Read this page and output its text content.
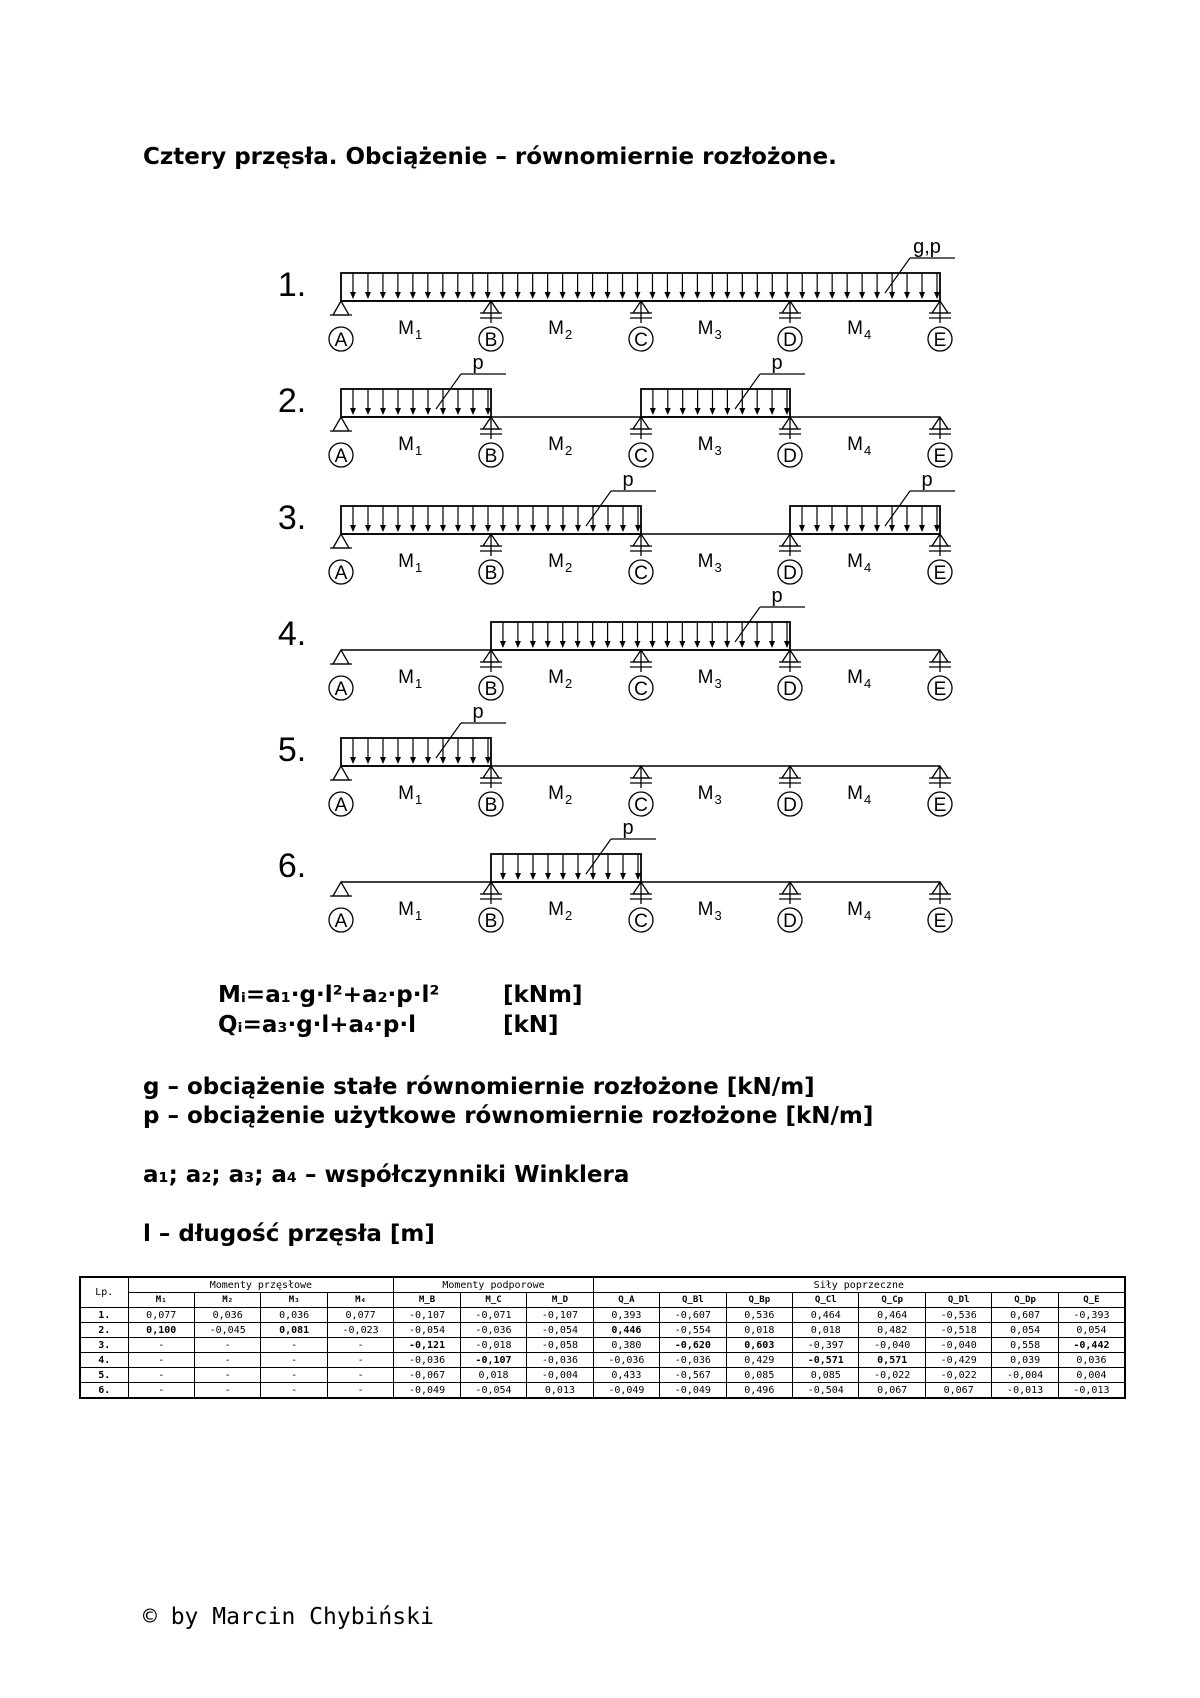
Cztery przęsła. Obciążenie – równomiernie rozłożone.
1.
g,p
A	B	C	D	E
M 1	M 2	M 3	M 4
2.
p	p
A	B	C	D	E
M 1	M 2	M 3	M 4
3.
p	p
A	B	C	D	E
M 1	M 2	M 3	M 4
4.
p
A	B	C	D	E
M 1	M 2	M 3	M 4
5.
p
A	B	C	D	E
M 1	M 2	M 3	M 4
6.
p
A	B	C	D	E
M 1	M 2	M 3	M 4
Mᵢ=a₁·g·l²+a₂·p·l²	[kNm]
Qᵢ=a₃·g·l+a₄·p·l	[kN]
g – obciążenie stałe równomiernie rozłożone [kN/m]
p – obciążenie użytkowe równomiernie rozłożone [kN/m]
a₁; a₂; a₃; a₄ – współczynniki Winklera
l – długość przęsła [m]
Lp.	Momenty przęsłowe				Momenty podporowe			Siły poprzeczne							
	M₁	M₂	M₃	M₄	M_B	M_C	M_D	Q_A	Q_Bl	Q_Bp	Q_Cl	Q_Cp	Q_Dl	Q_Dp	Q_E
1.	0,077	0,036	0,036	0,077	-0,107	-0,071	-0,107	0,393	-0,607	0,536	0,464	0,464	-0,536	0,607	-0,393
2.	0,100	-0,045	0,081	-0,023	-0,054	-0,036	-0,054	0,446	-0,554	0,018	0,018	0,482	-0,518	0,054	0,054
3.	-	-	-	-	-0,121	-0,018	-0,058	0,380	-0,620	0,603	-0,397	-0,040	-0,040	0,558	-0,442
4.	-	-	-	-	-0,036	-0,107	-0,036	-0,036	-0,036	0,429	-0,571	0,571	-0,429	0,039	0,036
5.	-	-	-	-	-0,067	0,018	-0,004	0,433	-0,567	0,085	0,085	-0,022	-0,022	-0,004	0,004
6.	-	-	-	-	-0,049	-0,054	0,013	-0,049	-0,049	0,496	-0,504	0,067	0,067	-0,013	-0,013
© by Marcin Chybiński
